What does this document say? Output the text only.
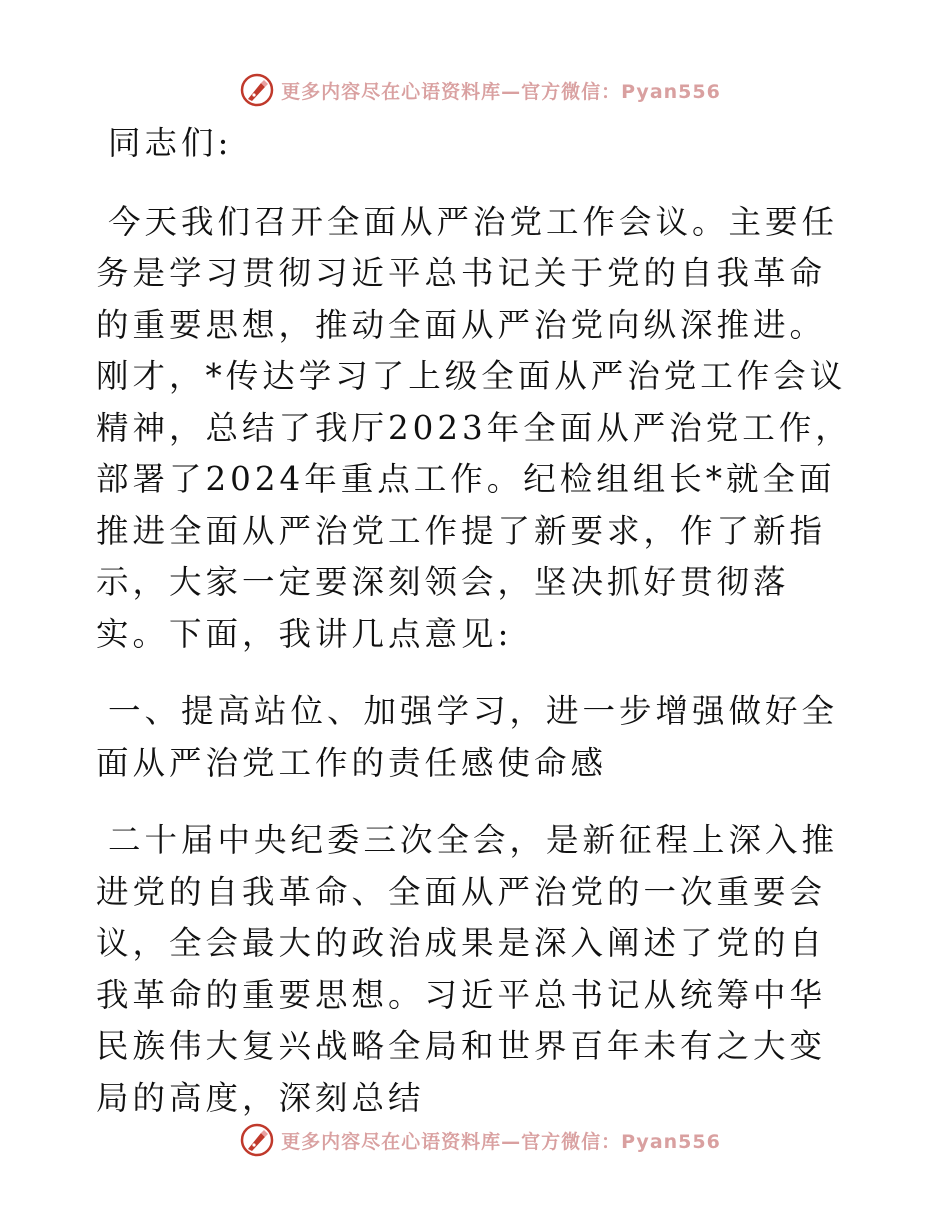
更多内容尽在心语资料库—官方微信：Pyan556

同志们:

今天我们召开全面从严治党工作会议。主要任务是学习贯彻习近平总书记关于党的自我革命的重要思想，推动全面从严治党向纵深推进。刚才，*传达学习了上级全面从严治党工作会议精神，总结了我厅2023年全面从严治党工作，部署了2024年重点工作。纪检组组长*就全面推进全面从严治党工作提了新要求，作了新指示，大家一定要深刻领会，坚决抓好贯彻落实。下面，我讲几点意见:

一、提高站位、加强学习，进一步增强做好全面从严治党工作的责任感使命感

二十届中央纪委三次全会，是新征程上深入推进党的自我革命、全面从严治党的一次重要会议，全会最大的政治成果是深入阐述了党的自我革命的重要思想。习近平总书记从统筹中华民族伟大复兴战略全局和世界百年未有之大变局的高度，深刻总结

更多内容尽在心语资料库—官方微信：Pyan556
